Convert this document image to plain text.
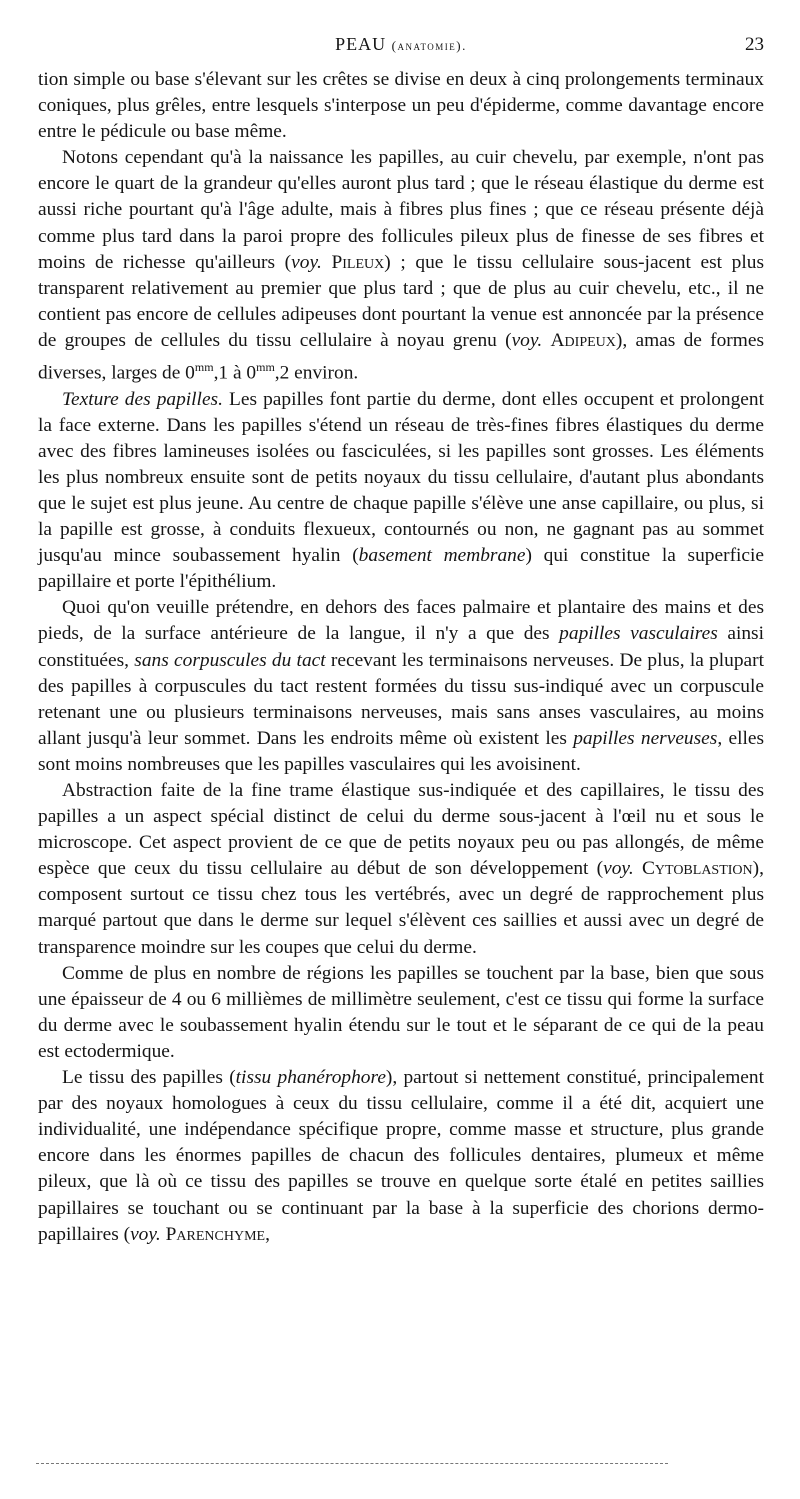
PEAU (anatomie).	23

tion simple ou base s'élevant sur les crêtes se divise en deux à cinq prolongements terminaux coniques, plus grêles, entre lesquels s'interpose un peu d'épiderme, comme davantage encore entre le pédicule ou base même.

Notons cependant qu'à la naissance les papilles, au cuir chevelu, par exemple, n'ont pas encore le quart de la grandeur qu'elles auront plus tard ; que le réseau élastique du derme est aussi riche pourtant qu'à l'âge adulte, mais à fibres plus fines ; que ce réseau présente déjà comme plus tard dans la paroi propre des follicules pileux plus de finesse de ses fibres et moins de richesse qu'ailleurs (voy. Pileux) ; que le tissu cellulaire sous-jacent est plus transparent relativement au premier que plus tard ; que de plus au cuir chevelu, etc., il ne contient pas encore de cellules adipeuses dont pourtant la venue est annoncée par la présence de groupes de cellules du tissu cellulaire à noyau grenu (voy. Adipeux), amas de formes diverses, larges de $0^{mm},1$ à $0^{mm},2$ environ.

Texture des papilles. Les papilles font partie du derme, dont elles occupent et prolongent la face externe. Dans les papilles s'étend un réseau de très-fines fibres élastiques du derme avec des fibres lamineuses isolées ou fasciculées, si les papilles sont grosses. Les éléments les plus nombreux ensuite sont de petits noyaux du tissu cellulaire, d'autant plus abondants que le sujet est plus jeune. Au centre de chaque papille s'élève une anse capillaire, ou plus, si la papille est grosse, à conduits flexueux, contournés ou non, ne gagnant pas au sommet jusqu'au mince soubassement hyalin (basement membrane) qui constitue la superficie papillaire et porte l'épithélium.

Quoi qu'on veuille prétendre, en dehors des faces palmaire et plantaire des mains et des pieds, de la surface antérieure de la langue, il n'y a que des papilles vasculaires ainsi constituées, sans corpuscules du tact recevant les terminaisons nerveuses. De plus, la plupart des papilles à corpuscules du tact restent formées du tissu sus-indiqué avec un corpuscule retenant une ou plusieurs terminaisons nerveuses, mais sans anses vasculaires, au moins allant jusqu'à leur sommet. Dans les endroits même où existent les papilles nerveuses, elles sont moins nombreuses que les papilles vasculaires qui les avoisinent.

Abstraction faite de la fine trame élastique sus-indiquée et des capillaires, le tissu des papilles a un aspect spécial distinct de celui du derme sous-jacent à l'œil nu et sous le microscope. Cet aspect provient de ce que de petits noyaux peu ou pas allongés, de même espèce que ceux du tissu cellulaire au début de son développement (voy. Cytoblastion), composent surtout ce tissu chez tous les vertébrés, avec un degré de rapprochement plus marqué partout que dans le derme sur lequel s'élèvent ces saillies et aussi avec un degré de transparence moindre sur les coupes que celui du derme.

Comme de plus en nombre de régions les papilles se touchent par la base, bien que sous une épaisseur de 4 ou 6 millièmes de millimètre seulement, c'est ce tissu qui forme la surface du derme avec le soubassement hyalin étendu sur le tout et le séparant de ce qui de la peau est ectodermique.

Le tissu des papilles (tissu phanérophore), partout si nettement constitué, principalement par des noyaux homologues à ceux du tissu cellulaire, comme il a été dit, acquiert une individualité, une indépendance spécifique propre, comme masse et structure, plus grande encore dans les énormes papilles de chacun des follicules dentaires, plumeux et même pileux, que là où ce tissu des papilles se trouve en quelque sorte étalé en petites saillies papillaires se touchant ou se continuant par la base à la superficie des chorions dermo-papillaires (voy. Parenchyme,
